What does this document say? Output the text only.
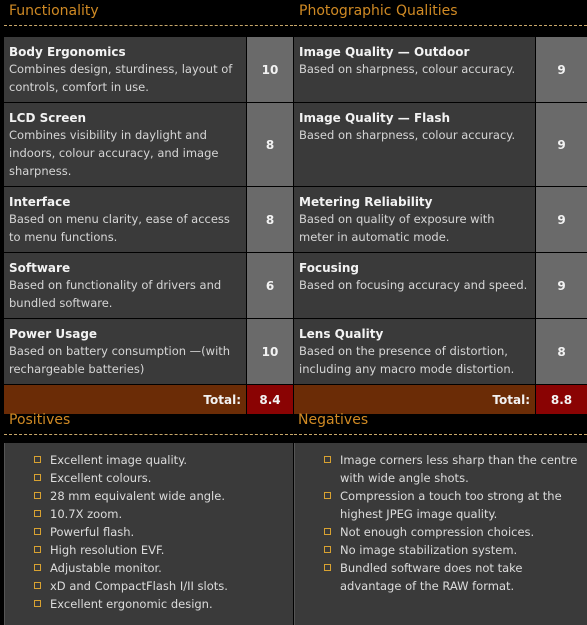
Functionality
Body Ergonomics
Combines design, sturdiness, layout of controls, comfort in use.
10
LCD Screen
Combines visibility in daylight and indoors, colour accuracy, and image sharpness.
8
Interface
Based on menu clarity, ease of access to menu functions.
8
Software
Based on functionality of drivers and bundled software.
6
Power Usage
Based on battery consumption —(with rechargeable batteries)
10
Total:	8.4
Photographic Qualities
Image Quality — Outdoor
Based on sharpness, colour accuracy.	9
Image Quality — Flash
Based on sharpness, colour accuracy.
9
Metering Reliability
Based on quality of exposure with meter in automatic mode.
9
Focusing
Based on focusing accuracy and speed.	9
Lens Quality
Based on the presence of distortion, including any macro mode distortion.
8
Total:	8.8
Positives
Excellent image quality.
Excellent colours.
28 mm equivalent wide angle.
10.7X zoom.
Powerful flash.
High resolution EVF.
Adjustable monitor.
xD and CompactFlash I/II slots.
Excellent ergonomic design.
Negatives
Image corners less sharp than the centre with wide angle shots.
Compression a touch too strong at the highest JPEG image quality.
Not enough compression choices.
No image stabilization system.
Bundled software does not take advantage of the RAW format.
